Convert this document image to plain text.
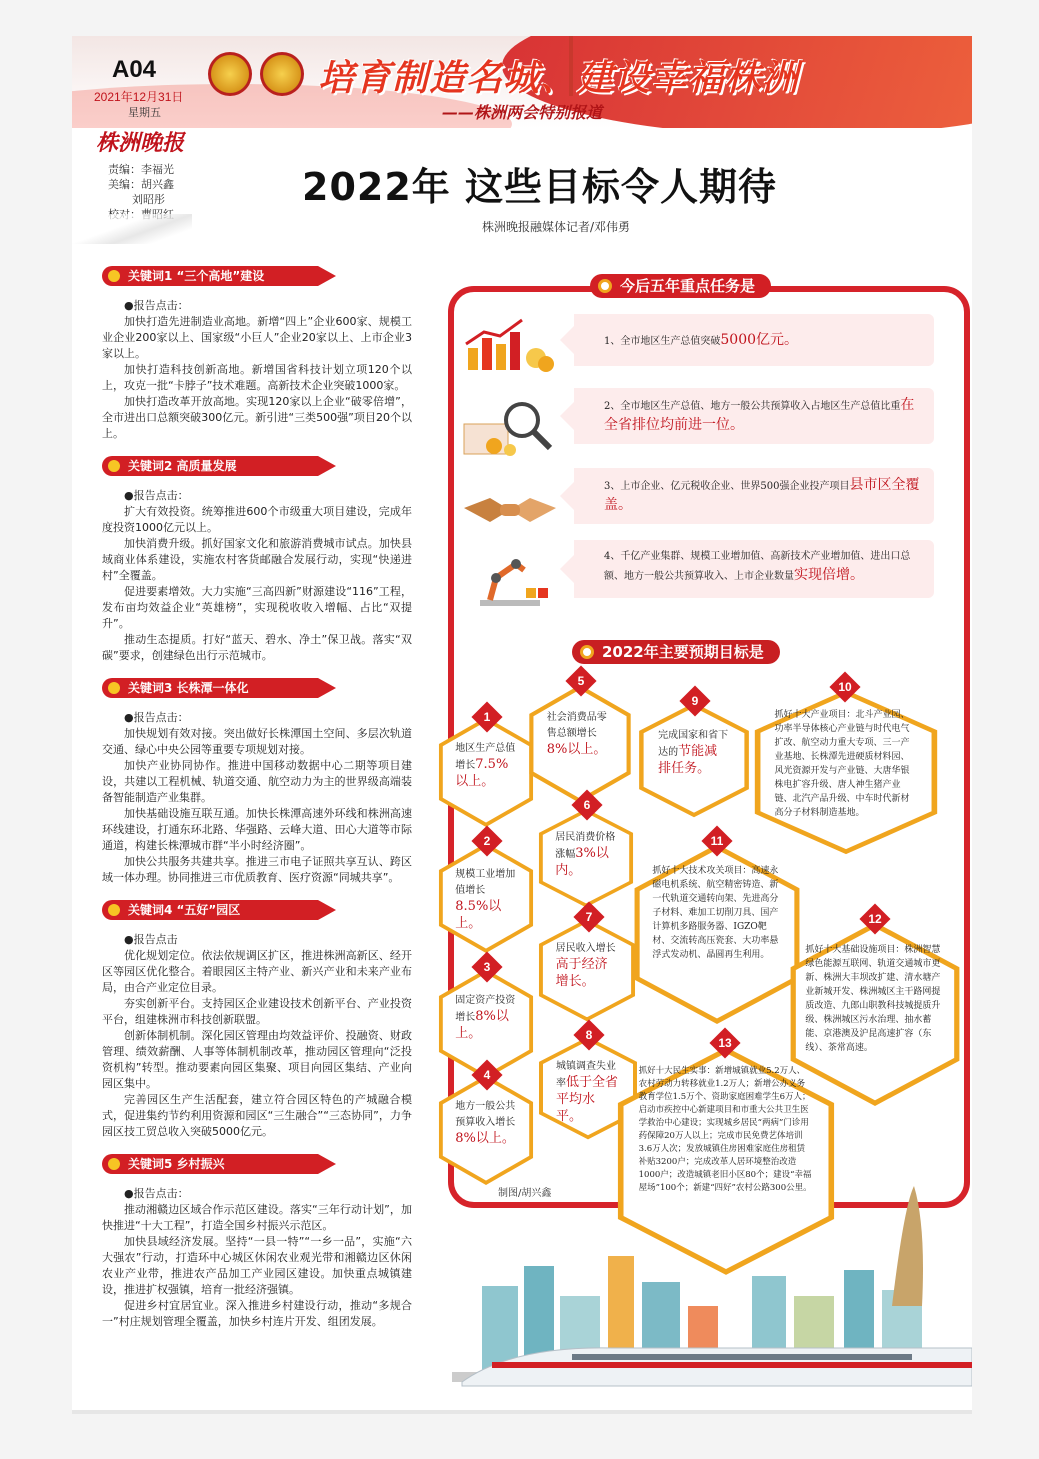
A04
2021年12月31日
星期五
培育制造名城、建设幸福株洲
——株洲两会特别报道
株洲晚报
责编：李福光
美编：胡兴鑫
刘昭彤	2022年 这些目标令人期待
株洲晚报融媒体记者/邓伟勇
关键词1 “三个高地”建设

●报告点击：

加快打造先进制造业高地。新增“四上”企业600家、规模工业企业200家以上、国家级“小巨人”企业20家以上、上市企业3家以上。

加快打造科技创新高地。新增国省科技计划立项120个以上，攻克一批“卡脖子”技术难题。高新技术企业突破1000家。

加快打造改革开放高地。实现120家以上企业“破零倍增”，全市进出口总额突破300亿元。新引进“三类500强”项目20个以上。

关键词2 高质量发展

●报告点击：

扩大有效投资。统筹推进600个市级重大项目建设，完成年度投资1000亿元以上。

加快消费升级。抓好国家文化和旅游消费城市试点。加快县域商业体系建设，实施农村客货邮融合发展行动，实现“快递进村”全覆盖。

促进要素增效。大力实施“三高四新”财源建设“116”工程，发布亩均效益企业“英雄榜”，实现税收收入增幅、占比“双提升”。

推动生态提质。打好“蓝天、碧水、净土”保卫战。落实“双碳”要求，创建绿色出行示范城市。

关键词3 长株潭一体化

●报告点击：

加快规划有效对接。突出做好长株潭国土空间、多层次轨道交通、绿心中央公园等重要专项规划对接。

加快产业协同协作。推进中国移动数据中心二期等项目建设，共建以工程机械、轨道交通、航空动力为主的世界级高端装备智能制造产业集群。

加快基础设施互联互通。加快长株潭高速外环线和株洲高速环线建设，打通东环北路、华强路、云峰大道、田心大道等市际通道，构建长株潭城市群“半小时经济圈”。

加快公共服务共建共享。推进三市电子证照共享互认、跨区域一体办理。协同推进三市优质教育、医疗资源“同城共享”。

关键词4 “五好”园区

●报告点击

优化规划定位。依法依规调区扩区，推进株洲高新区、经开区等园区优化整合。着眼园区主特产业、新兴产业和未来产业布局，由合产业定位目录。

夯实创新平台。支持园区企业建设技术创新平台、产业投资平台，组建株洲市科技创新联盟。

创新体制机制。深化园区管理由均效益评价、投融资、财政管理、绩效薪酬、人事等体制机制改革，推动园区管理向“泛投资机构”转型。推动要素向园区集聚、项目向园区集结、产业向园区集中。

完善园区生产生活配套，建立符合园区特色的产城融合模式，促进集约节约利用资源和园区“三生融合”“三态协同”，力争园区技工贸总收入突破5000亿元。

关键词5 乡村振兴

●报告点击：

推动湘赣边区域合作示范区建设。落实“三年行动计划”，加快推进“十大工程”，打造全国乡村振兴示范区。

加快县域经济发展。坚持“一县一特”“一乡一品”，实施“六大强农”行动，打造环中心城区休闲农业观光带和湘赣边区休闲农业产业带，推进农产品加工产业园区建设。加快重点城镇建设，推进扩权强镇，培育一批经济强镇。

促进乡村宜居宜业。深入推进乡村建设行动，推动“多规合一”村庄规划管理全覆盖，加快乡村连片开发、组团发展。

今后五年重点任务是
1、全市地区生产总值突破5000亿元。
2、全市地区生产总值、地方一般公共预算收入占地区生产总值比重在全省排位均前进一位。
3、上市企业、亿元税收企业、世界500强企业投产项目县市区全覆盖。
4、千亿产业集群、规模工业增加值、高新技术产业增加值、进出口总额、地方一般公共预算收入、上市企业数量实现倍增。
2022年主要预期目标是
地区生产总值增长7.5%以上。
1
规模工业增加值增长8.5%以上。
2
固定资产投资增长8%以上。
3
地方一般公共预算收入增长8%以上。
4
社会消费品零售总额增长8%以上。
5
居民消费价格涨幅3%以内。
6
居民收入增长高于经济增长。
7
城镇调查失业率低于全省平均水平。
8
完成国家和省下达的节能减排任务。
9
抓好十大产业项目：北斗产业园、功率半导体核心产业链与时代电气扩改、航空动力重大专项、三一产业基地、长株潭先进硬质材料园、风光资源开发与产业链、大唐华银株电扩容升级、唐人神生猪产业链、北汽产品升级、中车时代新材高分子材料制造基地。
10
抓好十大技术攻关项目：高速永磁电机系统、航空精密铸造、新一代轨道交通转向架、先进高分子材料、难加工切削刀具、国产计算机多路服务器、IGZO靶材、交流转高压瓷套、大功率悬浮式发动机、晶圆再生利用。
11
抓好十大基础设施项目：株洲智慧绿色能源互联网、轨道交通城市更新、株洲大丰坝改扩建、清水塘产业新城开发、株洲城区主干路网提质改造、九郎山职教科技城提质升级、株洲城区污水治理、抽水蓄能、京港澳及沪昆高速扩容（东线）、茶常高速。
12
抓好十大民生实事：新增城镇就业5.2万人、农村劳动力转移就业1.2万人；新增公办义务教育学位1.5万个、资助家庭困难学生6万人；启动市疾控中心新建项目和市重大公共卫生医学救治中心建设；实现城乡居民“两病”门诊用药保障20万人以上；完成市民免费艺体培训3.6万人次；发放城镇住房困难家庭住房租赁补贴3200户；完成改革人居环境整治改造1000户；改造城镇老旧小区80个；建设“幸福屋场”100个；新建“四好”农村公路300公里。
13
制图/胡兴鑫
